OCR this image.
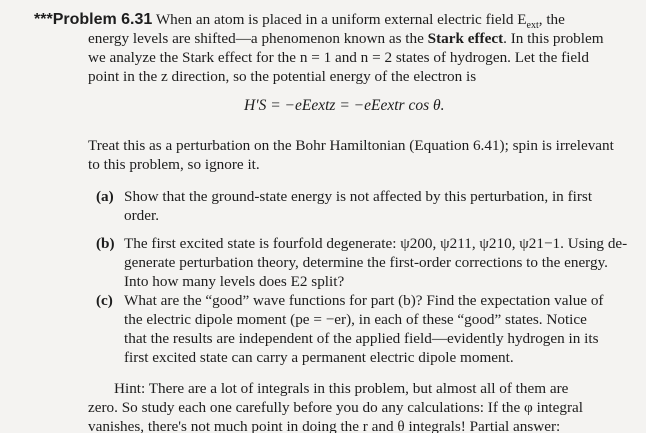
***Problem 6.31 When an atom is placed in a uniform external electric field $E_{ext}$, the
energy levels are shifted—a phenomenon known as the Stark effect. In this problem
we analyze the Stark effect for the n = 1 and n = 2 states of hydrogen. Let the field
point in the z direction, so the potential energy of the electron is
H′S = −eEextz = −eEextr cos θ.
Treat this as a perturbation on the Bohr Hamiltonian (Equation 6.41); spin is irrelevant
to this problem, so ignore it.
(a) Show that the ground-state energy is not affected by this perturbation, in first
order.
(b) The first excited state is fourfold degenerate: ψ200, ψ211, ψ210, ψ21−1. Using de-
generate perturbation theory, determine the first-order corrections to the energy.
Into how many levels does E2 split?
(c) What are the “good” wave functions for part (b)? Find the expectation value of
the electric dipole moment (pe = −er), in each of these “good” states. Notice
that the results are independent of the applied field—evidently hydrogen in its
first excited state can carry a permanent electric dipole moment.
Hint: There are a lot of integrals in this problem, but almost all of them are
zero. So study each one carefully before you do any calculations: If the φ integral
vanishes, there's not much point in doing the r and θ integrals! Partial answer:
